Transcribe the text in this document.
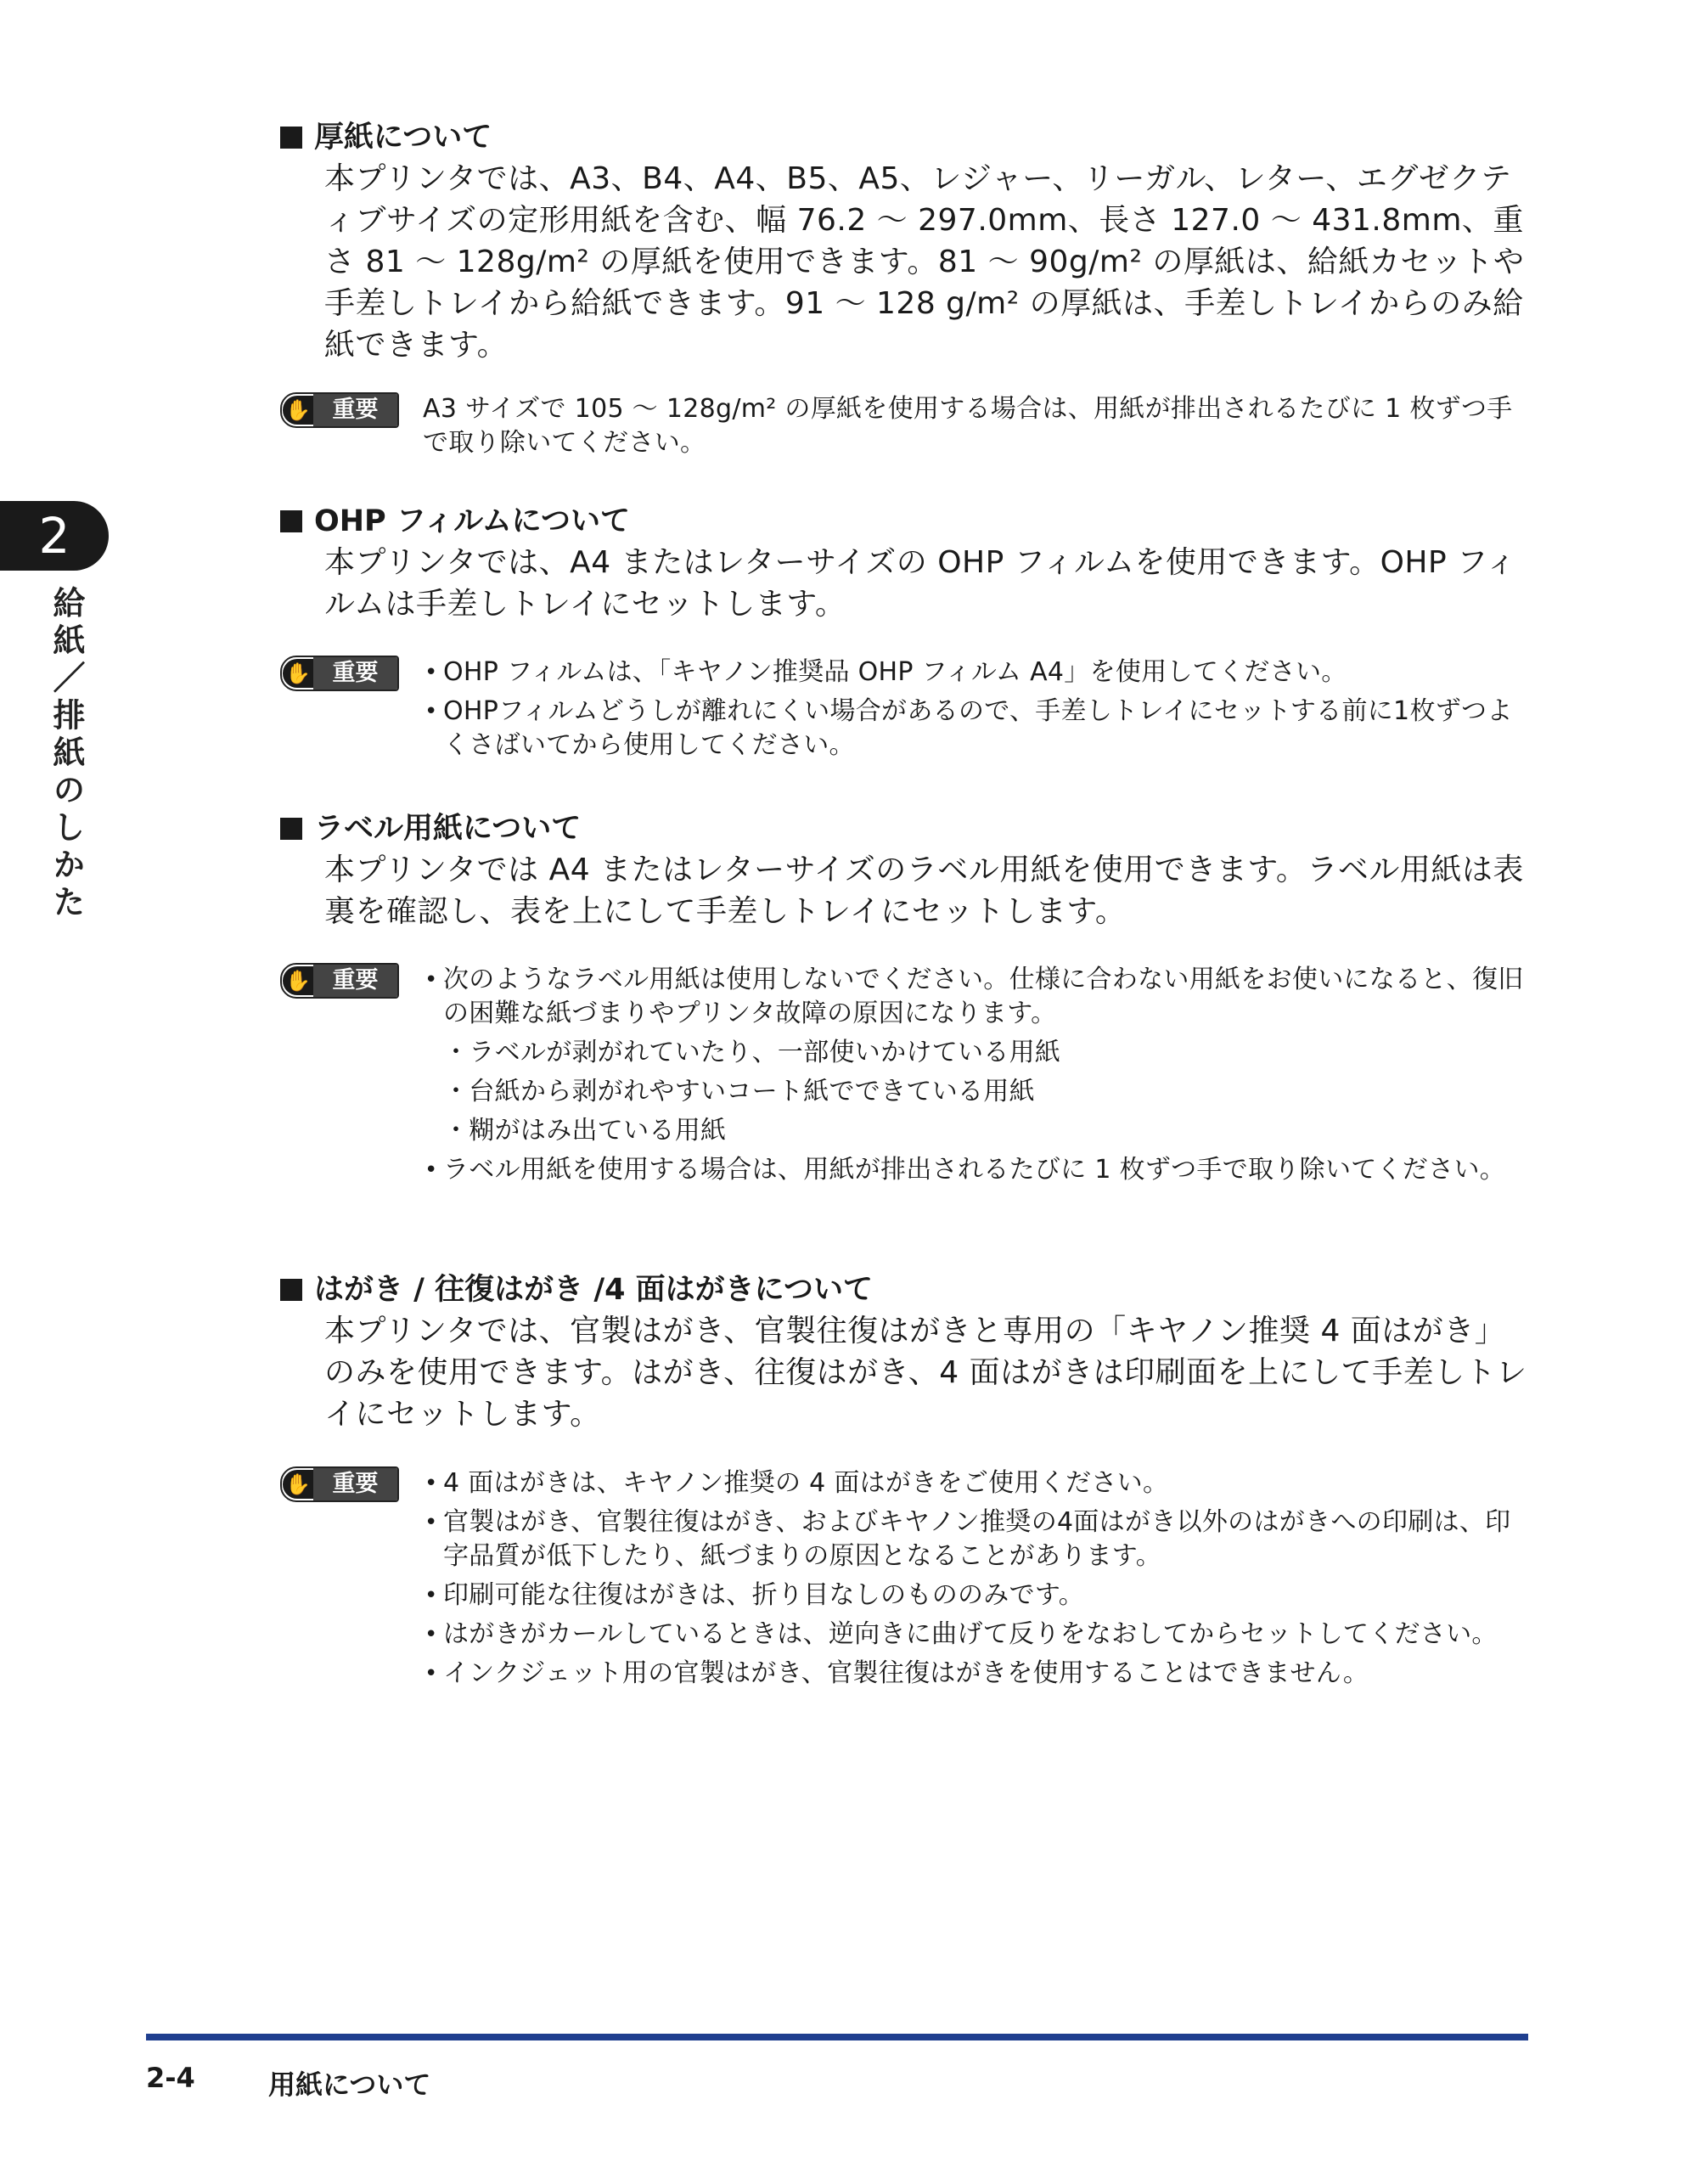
2
給紙／排紙のしかた
厚紙について
本プリンタでは、A3、B4、A4、B5、A5、レジャー、リーガル、レター、エグゼクティブサイズの定形用紙を含む、幅 76.2 ～ 297.0mm、長さ 127.0 ～ 431.8mm、重さ 81 ～ 128g/m² の厚紙を使用できます。81 ～ 90g/m² の厚紙は、給紙カセットや手差しトレイから給紙できます。91 ～ 128 g/m² の厚紙は、手差しトレイからのみ給紙できます。
✋ 重要	A3 サイズで 105 ～ 128g/m² の厚紙を使用する場合は、用紙が排出されるたびに 1 枚ずつ手で取り除いてください。
OHP フィルムについて
本プリンタでは、A4 またはレターサイズの OHP フィルムを使用できます。OHP フィルムは手差しトレイにセットします。
✋ 重要	• OHP フィルムは、「キヤノン推奨品 OHP フィルム A4」を使用してください。
• OHPフィルムどうしが離れにくい場合があるので、手差しトレイにセットする前に1枚ずつよくさばいてから使用してください。
ラベル用紙について
本プリンタでは A4 またはレターサイズのラベル用紙を使用できます。ラベル用紙は表裏を確認し、表を上にして手差しトレイにセットします。
✋ 重要	• 次のようなラベル用紙は使用しないでください。仕様に合わない用紙をお使いになると、復旧の困難な紙づまりやプリンタ故障の原因になります。
・ラベルが剥がれていたり、一部使いかけている用紙
・台紙から剥がれやすいコート紙でできている用紙
・糊がはみ出ている用紙
• ラベル用紙を使用する場合は、用紙が排出されるたびに 1 枚ずつ手で取り除いてください。
はがき / 往復はがき /4 面はがきについて
本プリンタでは、官製はがき、官製往復はがきと専用の「キヤノン推奨 4 面はがき」のみを使用できます。はがき、往復はがき、4 面はがきは印刷面を上にして手差しトレイにセットします。
✋ 重要	• 4 面はがきは、キヤノン推奨の 4 面はがきをご使用ください。
• 官製はがき、官製往復はがき、およびキヤノン推奨の4面はがき以外のはがきへの印刷は、印字品質が低下したり、紙づまりの原因となることがあります。
• 印刷可能な往復はがきは、折り目なしのもののみです。
• はがきがカールしているときは、逆向きに曲げて反りをなおしてからセットしてください。
• インクジェット用の官製はがき、官製往復はがきを使用することはできません。
2-4	用紙について
